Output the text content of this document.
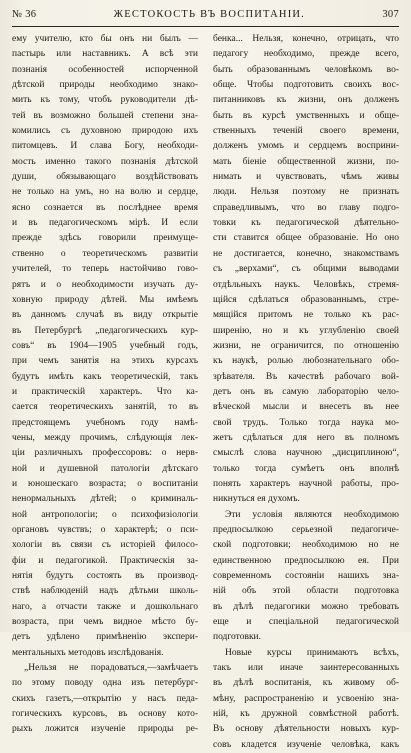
№ 36	ЖЕСТОКОСТЬ ВЪ ВОСПИТАНІИ.	307
ему учителю, кто бы онъ ни былъ —
пастырь или наставникъ. А всѣ эти
познанія особенностей испорченной
дѣтской природы необходимо знако-
мить къ тому, чтобъ руководители дѣ-
тей въ возможно большей степени зна-
комились съ духовною природою ихъ
питомцевъ. И слава Богу, необходи-
мость именно такого познанія дѣтской
души, обязывающаго воздѣйствовать
не только на умъ, но на волю и сердце,
ясно сознается въ послѣднее время
и въ педагогическомъ мірѣ. И если
прежде здѣсь говорили преимуще-
ственно о теоретическомъ развитіи
учителей, то теперь настойчиво гово-
рятъ и о необходимости изучать ду-
ховную природу дѣтей. Мы имѣемъ
въ данномъ случаѣ въ виду открытіе
въ Петербургѣ „педагогическихъ кур-
совъ“ въ 1904—1905 учебный годъ,
при чемъ занятія на этихъ курсахъ
будутъ имѣть какъ теоретическій, такъ
и практическій характеръ. Что ка-
сается теоретическихъ занятій, то въ
предстоящемъ учебномъ году намѣ-
чены, между прочимъ, слѣдующія лек-
ціи различныхъ профессоровъ: о нерв-
ной и душевной патологіи дѣтскаго
и юношескаго возраста; о воспитаніи
ненормальныхъ дѣтей; о криминаль-
ной антропологіи; о психофизіологіи
органовъ чувствъ; о характерѣ; о пси-
хологіи въ связи съ исторіей филосо-
фіи и педагогикой. Практическія за-
нятія будутъ состоять въ производ-
ствѣ наблюденій надъ дѣтьми школь-
наго, а отчасти также и дошкольнаго
возраста, при чемъ видное мѣсто бу-
детъ удѣлено примѣненію экспери-
ментальныхъ методовъ изслѣдованія.
„Нельзя не порадоваться,—замѣчаетъ
по этому поводу одна изъ петербург-
скихъ газетъ,—открытію у насъ педа-
гогическихъ курсовъ, въ основу кото-
рыхъ ложится изученіе природы ре-
бенка... Нельзя, конечно, отрицать, что
педагогу необходимо, прежде всего,
быть образованнымъ человѣкомъ во-
обще. Чтобы подготовить своихъ вос-
питанниковъ къ жизни, онъ долженъ
быть въ курсѣ умственныхъ и обще-
ственныхъ теченій своего времени,
долженъ умомъ и сердцемъ восприни-
мать біеніе общественной жизни, по-
нимать и чувствовать, чѣмъ живы
люди. Нельзя поэтому не признать
справедливымъ, что во главу подго-
товки къ педагогической дѣятельно-
сти ставится общее образованіе. Но оно
не достигается, конечно, знакомствамъ
съ „верхами“, съ общими выводами
отдѣльныхъ наукъ. Человѣкъ, стремя-
щійся сдѣлаться образованнымъ, стре-
мящійся притомъ не только къ рас-
ширенію, но и къ углубленію своей
жизни, не ограничится, по отношенію
къ наукѣ, ролью любознательнаго обо-
зрѣвателя. Въ качествѣ рабочаго вой-
детъ онъ въ самую лабораторію чело-
вѣческой мысли и внесетъ въ нее
свой трудъ. Только тогда наука мо-
жетъ сдѣлаться для него въ полномъ
смыслѣ слова научною „дисциплиною“,
только тогда сумѣетъ онъ вполнѣ
понять характеръ научной работы, про-
никнуться ея духомъ.
Эти условія являются необходимою
предпосылкою серьезной педагогиче-
ской подготовки; необходимою но не
единственною предпосылкою ея. При
современномъ состояніи нашихъ зна-
ній объ этой области подготовка
въ дѣлѣ педагогики можно требовать
еще и спеціальной педагогической
подготовки.
Новые курсы принимаютъ всѣхъ,
такъ или иначе заинтересованныхъ
въ дѣлѣ воспитанія, къ живому об-
мѣну, распространенію и усвоенію зна-
ній, къ дружной совмѣстной работѣ.
Въ основу дѣятельности новыхъ кур-
совъ кладется изученіе человѣка, какъ
